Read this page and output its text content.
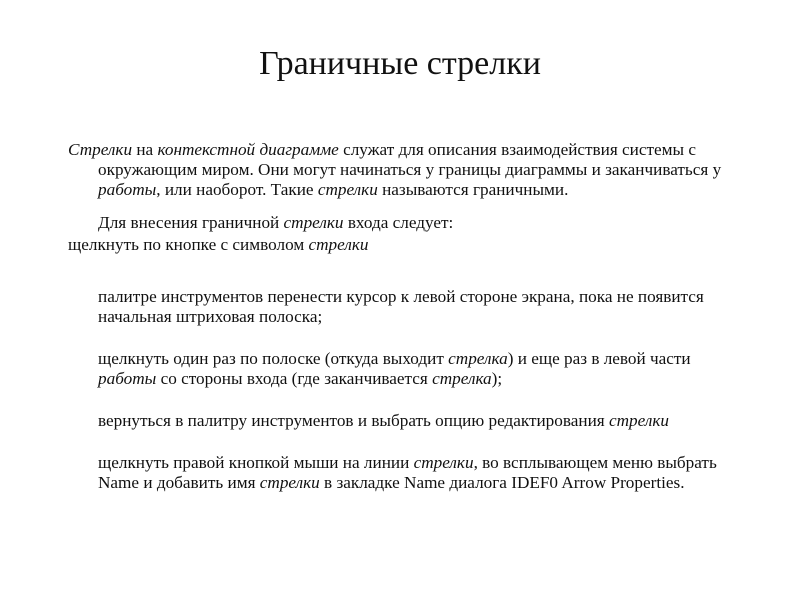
Граничные стрелки

Стрелки на контекстной диаграмме служат для описания взаимодействия системы с окружающим миром. Они могут начинаться у границы диаграммы и заканчиваться у работы, или наоборот. Такие стрелки называются граничными.

Для внесения граничной стрелки входа следует:

щелкнуть по кнопке с символом стрелки

палитре инструментов перенести курсор к левой стороне экрана, пока не появится начальная штриховая полоска;

щелкнуть один раз по полоске (откуда выходит стрелка) и еще раз в левой части работы со стороны входа (где заканчивается стрелка);

вернуться в палитру инструментов и выбрать опцию редактирования стрелки

щелкнуть правой кнопкой мыши на линии стрелки, во всплывающем меню выбрать Name и добавить имя стрелки в закладке Name диалога IDEF0 Arrow Properties.
